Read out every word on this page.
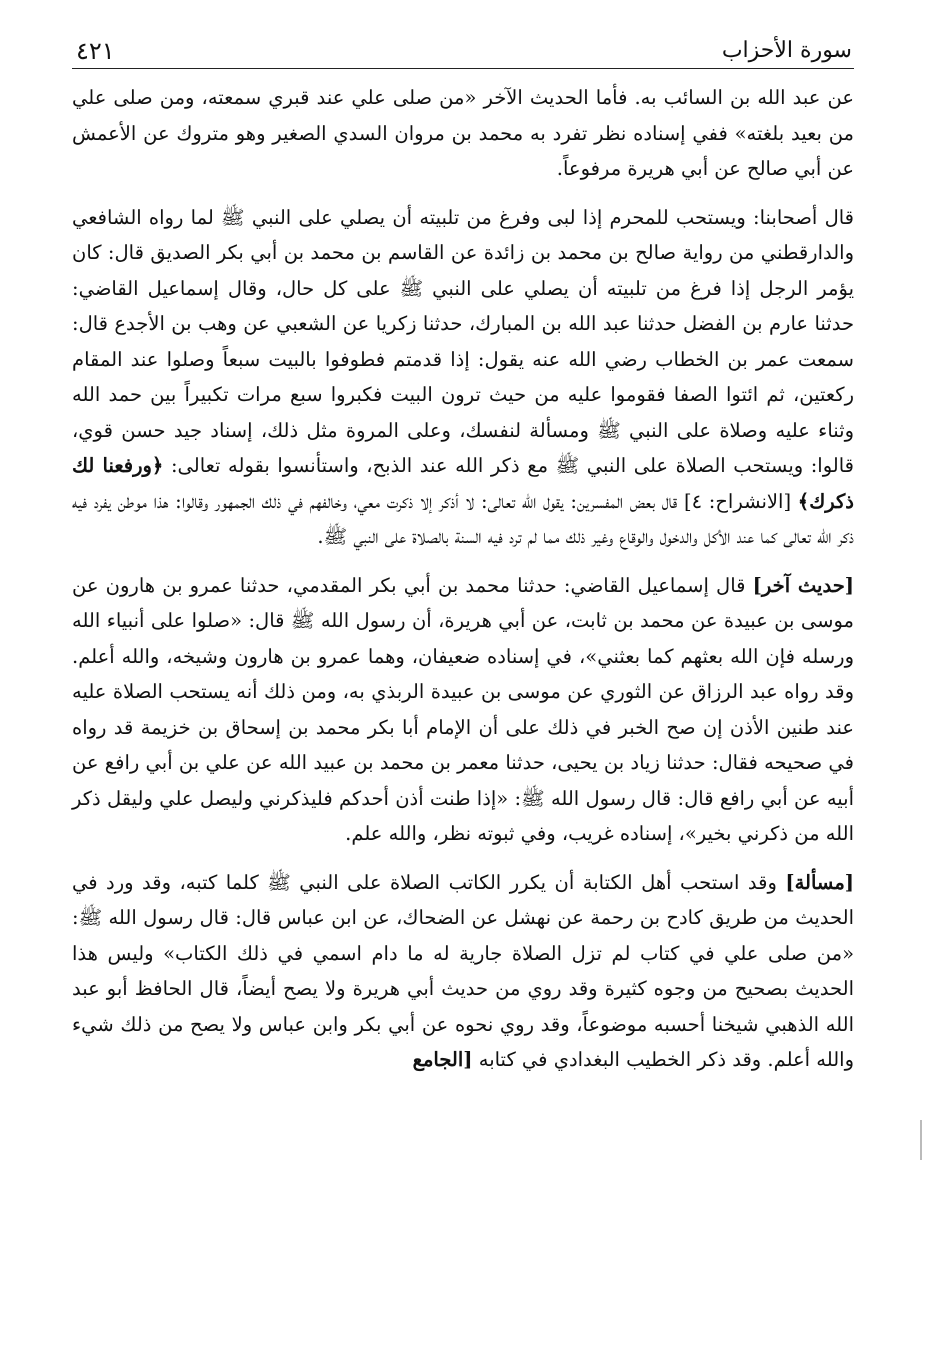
سورة الأحزاب
٤٢١

عن عبد الله بن السائب به. فأما الحديث الآخر «من صلى علي عند قبري سمعته، ومن صلى علي من بعيد بلغته» ففي إسناده نظر تفرد به محمد بن مروان السدي الصغير وهو متروك عن الأعمش عن أبي صالح عن أبي هريرة مرفوعاً.

قال أصحابنا: ويستحب للمحرم إذا لبى وفرغ من تلبيته أن يصلي على النبي ﷺ لما رواه الشافعي والدارقطني من رواية صالح بن محمد بن زائدة عن القاسم بن محمد بن أبي بكر الصديق قال: كان يؤمر الرجل إذا فرغ من تلبيته أن يصلي على النبي ﷺ على كل حال، وقال إسماعيل القاضي: حدثنا عارم بن الفضل حدثنا عبد الله بن المبارك، حدثنا زكريا عن الشعبي عن وهب بن الأجدع قال: سمعت عمر بن الخطاب رضي الله عنه يقول: إذا قدمتم فطوفوا بالبيت سبعاً وصلوا عند المقام ركعتين، ثم ائتوا الصفا فقوموا عليه من حيث ترون البيت فكبروا سبع مرات تكبيراً بين حمد الله وثناء عليه وصلاة على النبي ﷺ ومسألة لنفسك، وعلى المروة مثل ذلك، إسناد جيد حسن قوي، قالوا: ويستحب الصلاة على النبي ﷺ مع ذكر الله عند الذبح، واستأنسوا بقوله تعالى: ﴿ورفعنا لك ذكرك﴾ [الانشراح: ٤] قال بعض المفسرين: يقول الله تعالى: لا أذكر إلا ذكرت معي، وخالفهم في ذلك الجمهور وقالوا: هذا موطن يفرد فيه ذكر الله تعالى كما عند الأكل والدخول والوقاع وغير ذلك مما لم ترد فيه السنة بالصلاة على النبي ﷺ.

[حديث آخر] قال إسماعيل القاضي: حدثنا محمد بن أبي بكر المقدمي، حدثنا عمرو بن هارون عن موسى بن عبيدة عن محمد بن ثابت، عن أبي هريرة، أن رسول الله ﷺ قال: «صلوا على أنبياء الله ورسله فإن الله بعثهم كما بعثني»، في إسناده ضعيفان، وهما عمرو بن هارون وشيخه، والله أعلم. وقد رواه عبد الرزاق عن الثوري عن موسى بن عبيدة الربذي به، ومن ذلك أنه يستحب الصلاة عليه عند طنين الأذن إن صح الخبر في ذلك على أن الإمام أبا بكر محمد بن إسحاق بن خزيمة قد رواه في صحيحه فقال: حدثنا زياد بن يحيى، حدثنا معمر بن محمد بن عبيد الله عن علي بن أبي رافع عن أبيه عن أبي رافع قال: قال رسول الله ﷺ: «إذا طنت أذن أحدكم فليذكرني وليصل علي وليقل ذكر الله من ذكرني بخير»، إسناده غريب، وفي ثبوته نظر، والله علم.

[مسألة] وقد استحب أهل الكتابة أن يكرر الكاتب الصلاة على النبي ﷺ كلما كتبه، وقد ورد في الحديث من طريق كادح بن رحمة عن نهشل عن الضحاك، عن ابن عباس قال: قال رسول الله ﷺ: «من صلى علي في كتاب لم تزل الصلاة جارية له ما دام اسمي في ذلك الكتاب» وليس هذا الحديث بصحيح من وجوه كثيرة وقد روي من حديث أبي هريرة ولا يصح أيضاً، قال الحافظ أبو عبد الله الذهبي شيخنا أحسبه موضوعاً، وقد روي نحوه عن أبي بكر وابن عباس ولا يصح من ذلك شيء والله أعلم. وقد ذكر الخطيب البغدادي في كتابه [الجامع
